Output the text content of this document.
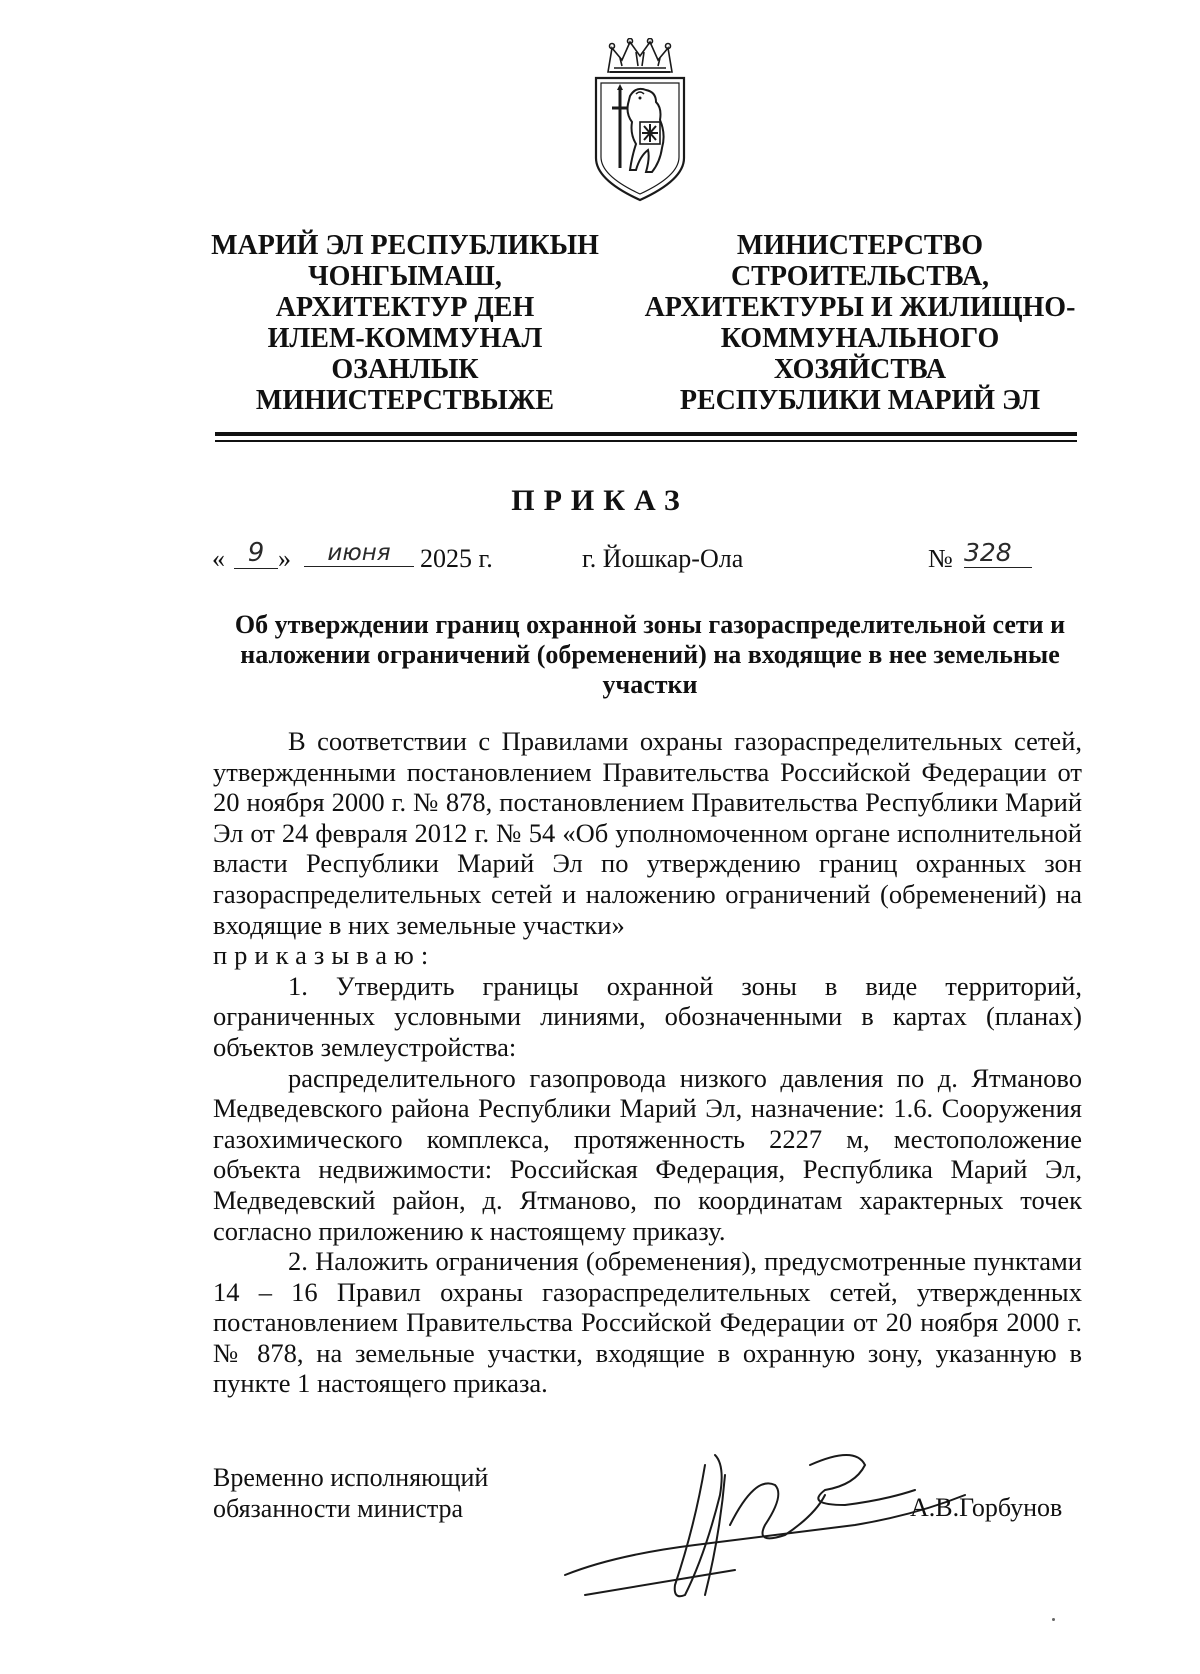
МАРИЙ ЭЛ РЕСПУБЛИКЫН
ЧОНГЫМАШ,
АРХИТЕКТУР ДЕН
ИЛЕМ-КОММУНАЛ
ОЗАНЛЫК
МИНИСТЕРСТВЫЖЕ
МИНИСТЕРСТВО
СТРОИТЕЛЬСТВА,
АРХИТЕКТУРЫ И ЖИЛИЩНО-
КОММУНАЛЬНОГО
ХОЗЯЙСТВА
РЕСПУБЛИКИ МАРИЙ ЭЛ
ПРИКАЗ
« 9 »	июня	2025 г.	г. Йошкар-Ола	№ 328
Об утверждении границ охранной зоны газораспределительной сети и наложении ограничений (обременений) на входящие в нее земельные участки

В соответствии с Правилами охраны газораспределительных сетей, утвержденными постановлением Правительства Российской Федерации от 20 ноября 2000 г. № 878, постановлением Правительства Республики Марий Эл от 24 февраля 2012 г. № 54 «Об уполномоченном органе исполнительной власти Республики Марий Эл по утверждению границ охранных зон газораспределительных сетей и наложению ограничений (обременений) на входящие в них земельные участки»

приказываю:

1. Утвердить границы охранной зоны в виде территорий, ограниченных условными линиями, обозначенными в картах (планах) объектов землеустройства:

распределительного газопровода низкого давления по д. Ятманово Медведевского района Республики Марий Эл, назначение: 1.6. Сооружения газохимического комплекса, протяженность 2227 м, местоположение объекта недвижимости: Российская Федерация, Республика Марий Эл, Медведевский район, д. Ятманово, по координатам характерных точек согласно приложению к настоящему приказу.

2. Наложить ограничения (обременения), предусмотренные пунктами 14 – 16 Правил охраны газораспределительных сетей, утвержденных постановлением Правительства Российской Федерации от 20 ноября 2000 г. № 878, на земельные участки, входящие в охранную зону, указанную в пункте 1 настоящего приказа.

Временно исполняющий
обязанности министра	А.В.Горбунов
